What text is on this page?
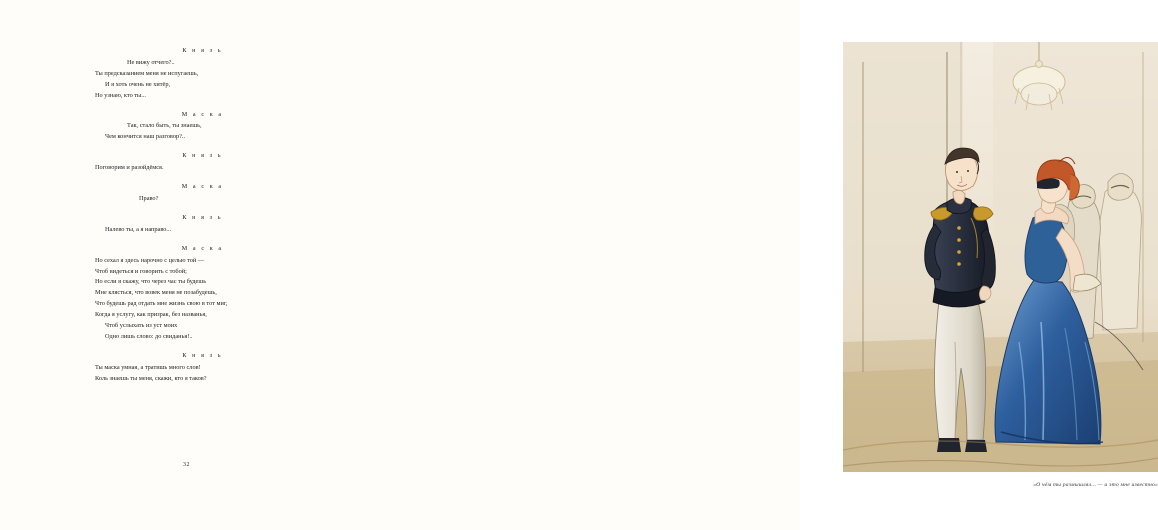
К н я з ь
Не вижу отчего?..
Ты предсказанием меня не испугаешь,
И я хоть очень не хитёр,
Но узнаю, кто ты...
М а с к а
Так, стало быть, ты знаешь,
Чем кончится наш разговор?..
К н я з ь
Поговорим и разойдёмся.
М а с к а
Право?
К н я з ь
Налево ты, а я направо...
М а с к а
Но сехал я здесь нарочно с целью той —
Чтоб видеться и говорить с тобой;
Но если я скажу, что через час ты будешь
Мне клясться, что вовек меня не позабудешь,
Что будешь рад отдать мне жизнь свою в тот миг,
Когда я услугу, как призрак, без названья,
Чтоб услыхать из уст моих
Одно лишь слово: до свиданья!..
К н я з ь
Ты маска умная, а тратишь много слов!
Коль знаешь ты меня, скажи, кто я таков?
32
«О чём ты размышлял... — и это мне известно»
